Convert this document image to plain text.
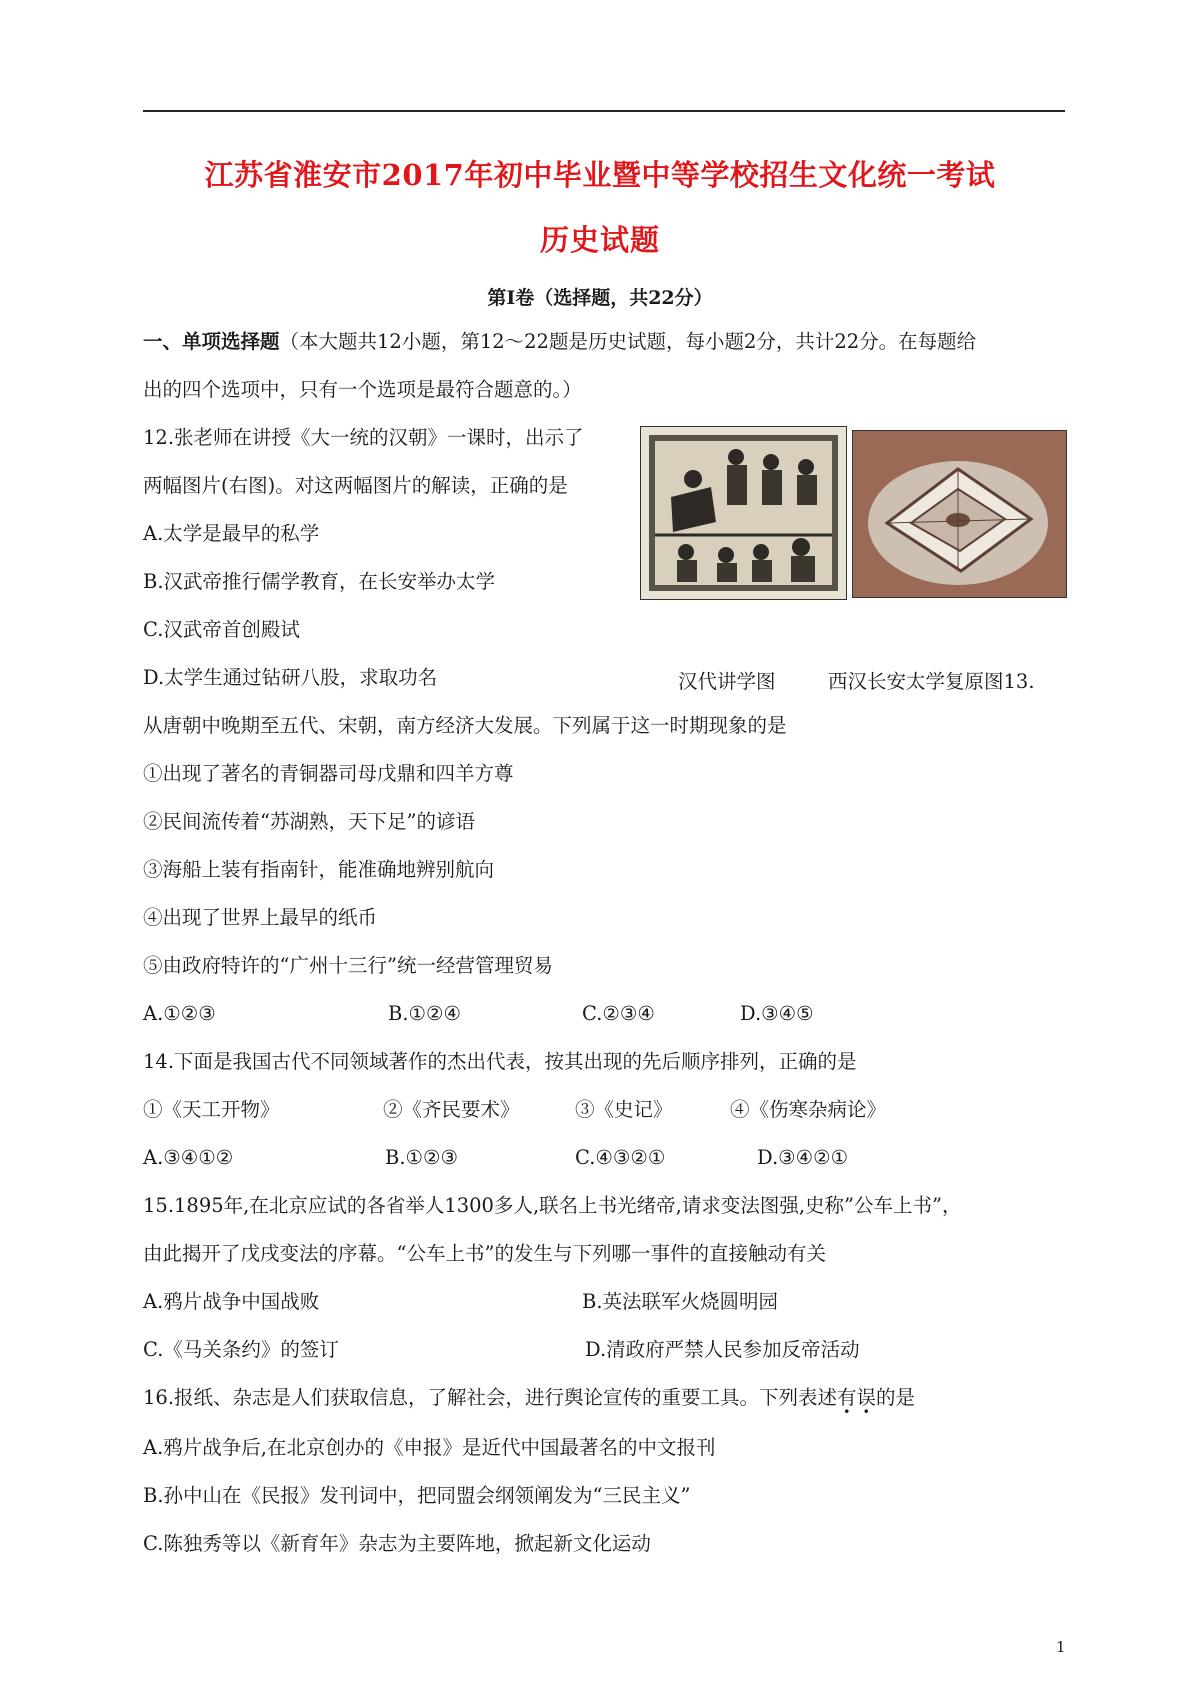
江苏省淮安市2017年初中毕业暨中等学校招生文化统一考试
历史试题
第Ⅰ卷（选择题，共22分）
一、单项选择题（本大题共12小题，第12～22题是历史试题，每小题2分，共计22分。在每题给
出的四个选项中，只有一个选项是最符合题意的。）
12.张老师在讲授《大一统的汉朝》一课时，出示了
两幅图片(右图)。对这两幅图片的解读，正确的是
A.太学是最早的私学
B.汉武帝推行儒学教育，在长安举办太学
C.汉武帝首创殿试
D.太学生通过钻研八股，求取功名	汉代讲学图	西汉长安太学复原图13.
从唐朝中晚期至五代、宋朝，南方经济大发展。下列属于这一时期现象的是
①出现了著名的青铜器司母戊鼎和四羊方尊
②民间流传着“苏湖熟，天下足”的谚语
③海船上装有指南针，能准确地辨别航向
④出现了世界上最早的纸币
⑤由政府特许的“广州十三行”统一经营管理贸易
A.①②③	B.①②④	C.②③④	D.③④⑤
14.下面是我国古代不同领域著作的杰出代表，按其出现的先后顺序排列，正确的是
①《天工开物》	②《齐民要术》	③《史记》	④《伤寒杂病论》
A.③④①②	B.①②③	C.④③②①	D.③④②①
15.1895年,在北京应试的各省举人1300多人,联名上书光绪帝,请求变法图强,史称”公车上书”，
由此揭开了戊戌变法的序幕。“公车上书”的发生与下列哪一事件的直接触动有关
A.鸦片战争中国战败	B.英法联军火烧圆明园
C.《马关条约》的签订	D.清政府严禁人民参加反帝活动
16.报纸、杂志是人们获取信息，了解社会，进行舆论宣传的重要工具。下列表述有误的是
A.鸦片战争后,在北京创办的《申报》是近代中国最著名的中文报刊
B.孙中山在《民报》发刊词中，把同盟会纲领阐发为“三民主义”
C.陈独秀等以《新育年》杂志为主要阵地，掀起新文化运动
1
